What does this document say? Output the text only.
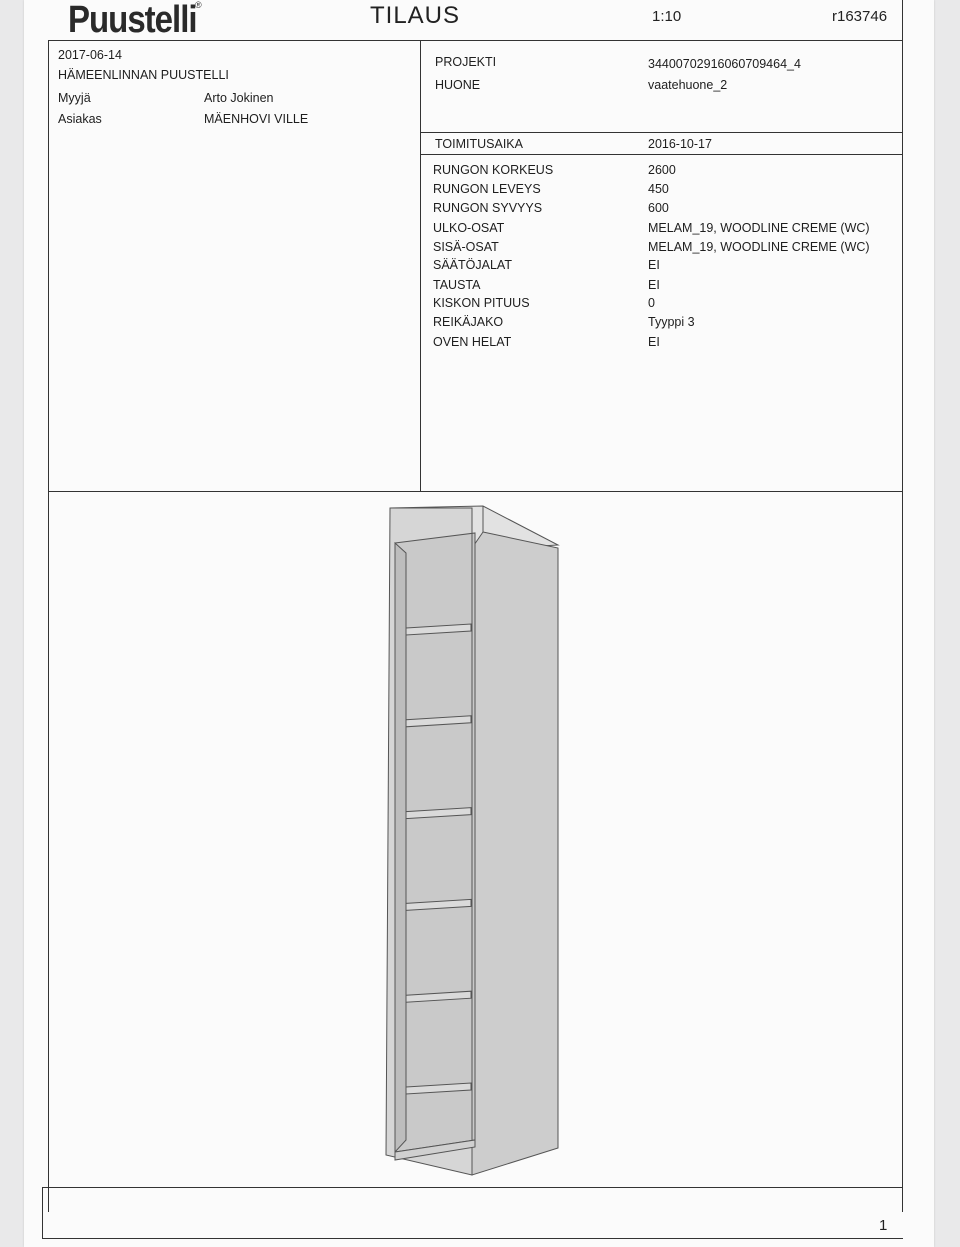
Puustelli
®	TILAUS	1:10	r163746
2017-06-14
HÄMEENLINNAN PUUSTELLI
Myyjä	Arto Jokinen
Asiakas	MÄENHOVI VILLE
PROJEKTI	34400702916060709464_4
HUONE	vaatehuone_2
TOIMITUSAIKA	2016-10-17
RUNGON KORKEUS	2600
RUNGON LEVEYS	450
RUNGON SYVYYS	600
ULKO-OSAT	MELAM_19, WOODLINE CREME (WC)
SISÄ-OSAT	MELAM_19, WOODLINE CREME (WC)
SÄÄTÖJALAT	EI
TAUSTA	EI
KISKON PITUUS	0
REIKÄJAKO	Tyyppi 3
OVEN HELAT	EI
1
